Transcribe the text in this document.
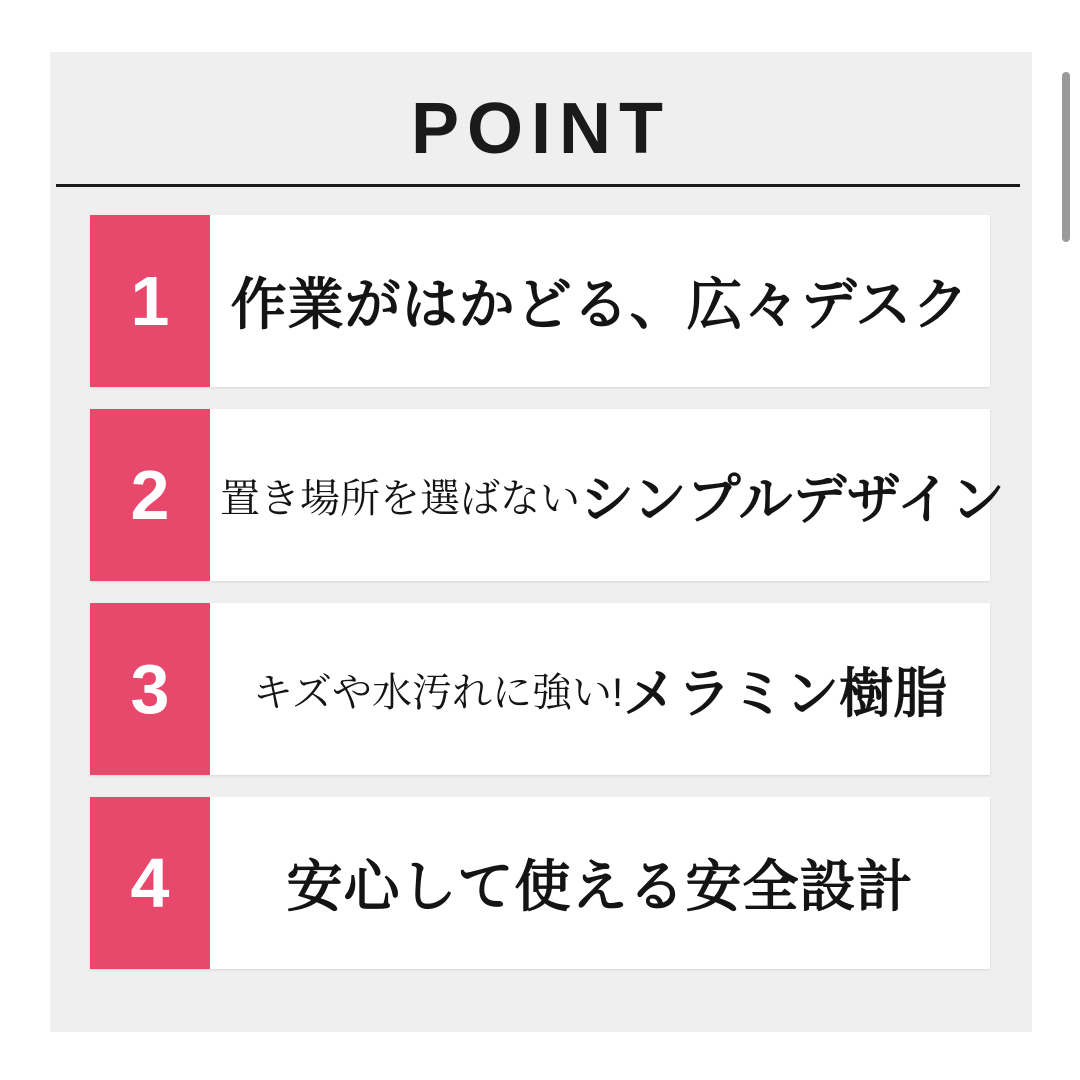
POINT
1	作業がはかどる、広々デスク
2	置き場所を選ばない シンプルデザイン
3	キズや水汚れに強い! メラミン樹脂
4	安心して使える安全設計
